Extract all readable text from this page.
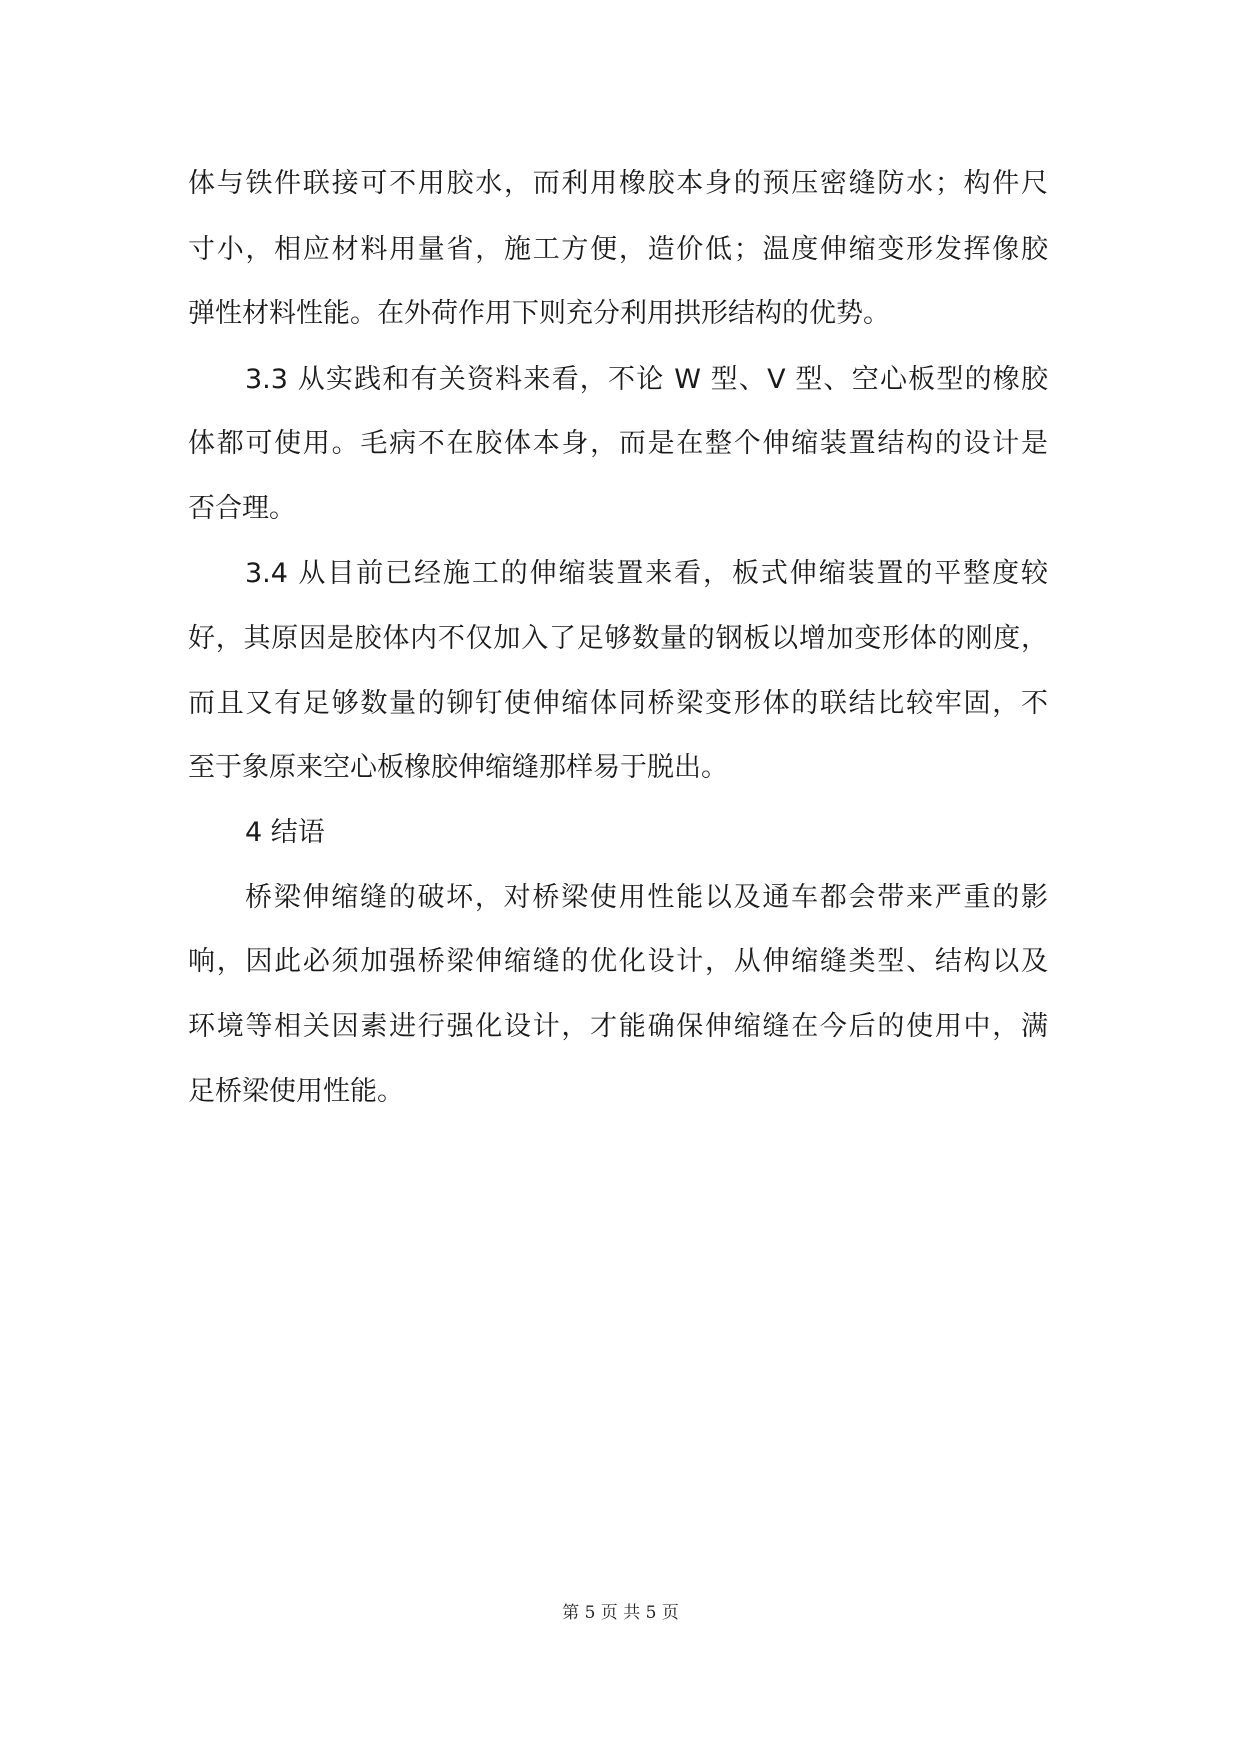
体与铁件联接可不用胶水，而利用橡胶本身的预压密缝防水；构件尺
寸小，相应材料用量省，施工方便，造价低；温度伸缩变形发挥像胶
弹性材料性能。在外荷作用下则充分利用拱形结构的优势。
3.3 从实践和有关资料来看，不论 W 型、V 型、空心板型的橡胶
体都可使用。毛病不在胶体本身，而是在整个伸缩装置结构的设计是
否合理。
3.4 从目前已经施工的伸缩装置来看，板式伸缩装置的平整度较
好，其原因是胶体内不仅加入了足够数量的钢板以增加变形体的刚度，
而且又有足够数量的铆钉使伸缩体同桥梁变形体的联结比较牢固，不
至于象原来空心板橡胶伸缩缝那样易于脱出。
4 结语
桥梁伸缩缝的破坏，对桥梁使用性能以及通车都会带来严重的影
响，因此必须加强桥梁伸缩缝的优化设计，从伸缩缝类型、结构以及
环境等相关因素进行强化设计，才能确保伸缩缝在今后的使用中，满
足桥梁使用性能。
第 5 页 共 5 页
